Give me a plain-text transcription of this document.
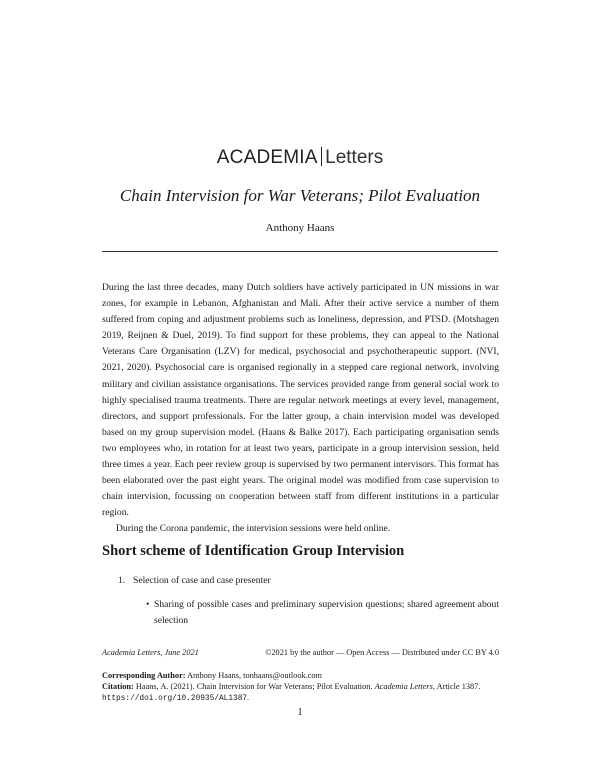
ACADEMIA Letters
Chain Intervision for War Veterans; Pilot Evaluation
Anthony Haans

During the last three decades, many Dutch soldiers have actively participated in UN missions in war zones, for example in Lebanon, Afghanistan and Mali. After their active service a number of them suffered from coping and adjustment problems such as loneliness, depression, and PTSD. (Motshagen 2019, Reijnen & Duel, 2019). To find support for these problems, they can appeal to the National Veterans Care Organisation (LZV) for medical, psychosocial and psychotherapeutic support. (NVI, 2021, 2020). Psychosocial care is organised regionally in a stepped care regional network, involving military and civilian assistance organisations. The services provided range from general social work to highly specialised trauma treatments. There are regular network meetings at every level, management, directors, and support professionals. For the latter group, a chain intervision model was developed based on my group supervision model. (Haans & Balke 2017). Each participating organisation sends two employees who, in rotation for at least two years, participate in a group intervision session, held three times a year. Each peer review group is supervised by two permanent intervisors. This format has been elaborated over the past eight years. The original model was modified from case supervision to chain intervision, focussing on cooperation between staff from different institutions in a particular region.

During the Corona pandemic, the intervision sessions were held online.

Short scheme of Identification Group Intervision
1. Selection of case and case presenter
• Sharing of possible cases and preliminary supervision questions; shared agreement about selection
Academia Letters, June 2021	©2021 by the author — Open Access — Distributed under CC BY 4.0
Corresponding Author: Anthony Haans, tonhaans@outlook.com
Citation: Haans, A. (2021). Chain Intervision for War Veterans; Pilot Evaluation. Academia Letters, Article 1387. https://doi.org/10.20935/AL1387.
1
